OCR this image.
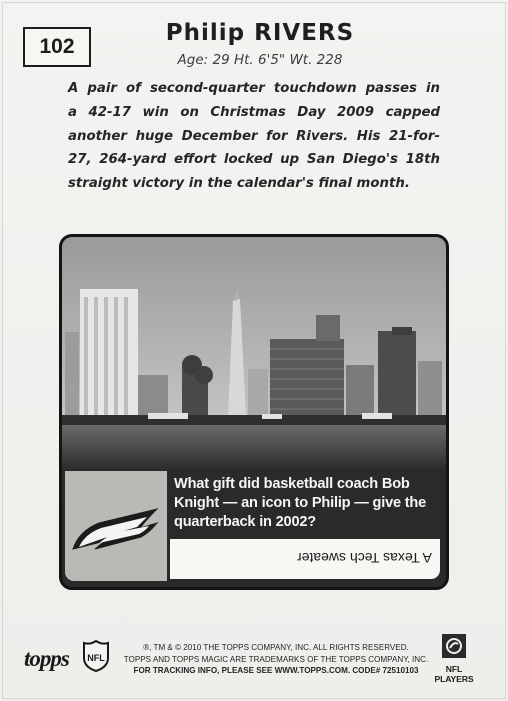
102
Philip RIVERS
Age: 29 Ht. 6'5" Wt. 228
A pair of second-quarter touchdown passes in
a 42-17 win on Christmas Day 2009 capped
another huge December for Rivers. His 21-for-
27, 264-yard effort locked up San Diego's 18th
straight victory in the calendar's final month.
What gift did basketball coach Bob Knight — an icon to Philip — give the quarterback in 2002?
A Texas Tech sweater
topps NFL
®, TM & © 2010 THE TOPPS COMPANY, INC. ALL RIGHTS RESERVED.
TOPPS AND TOPPS MAGIC ARE TRADEMARKS OF THE TOPPS COMPANY, INC.
FOR TRACKING INFO, PLEASE SEE WWW.TOPPS.COM. CODE# 72510103	NFL PLAYERS
